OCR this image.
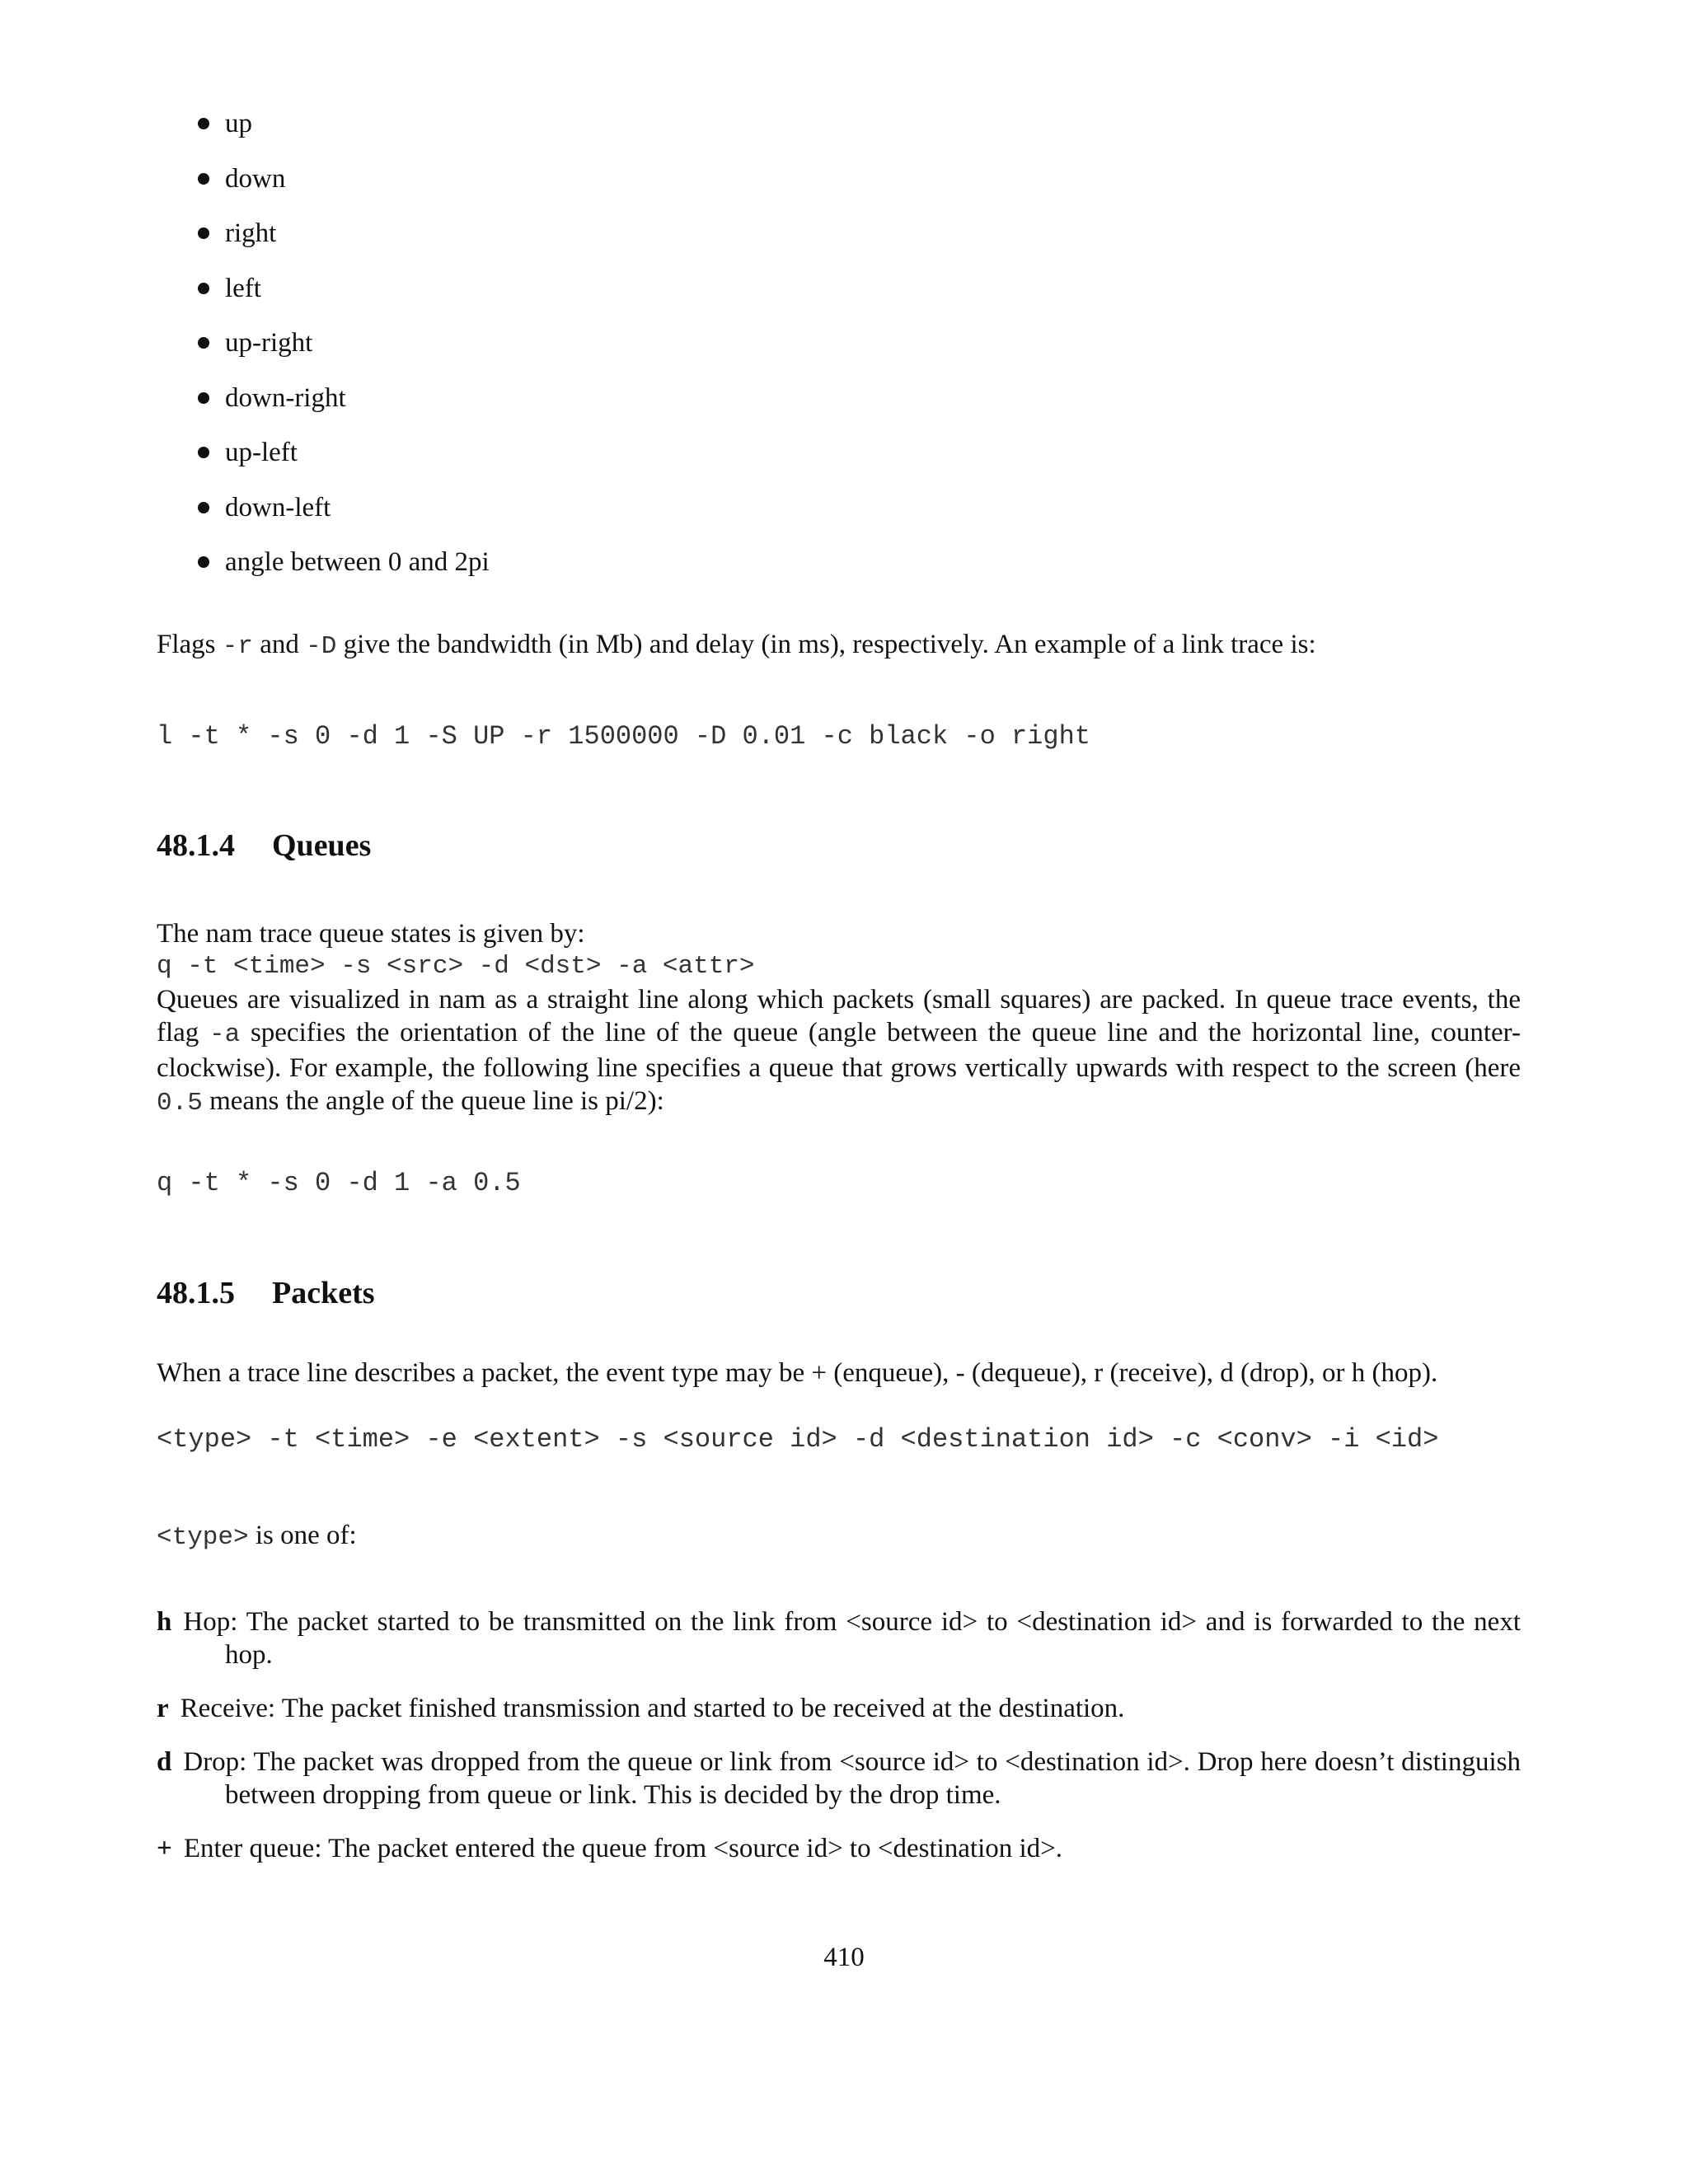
up
down
right
left
up-right
down-right
up-left
down-left
angle between 0 and 2pi
Flags -r and -D give the bandwidth (in Mb) and delay (in ms), respectively. An example of a link trace is:
l -t * -s 0 -d 1 -S UP -r 1500000 -D 0.01 -c black -o right
48.1.4 Queues
The nam trace queue states is given by:
q -t <time> -s <src> -d <dst> -a <attr>
Queues are visualized in nam as a straight line along which packets (small squares) are packed. In queue trace events, the flag -a specifies the orientation of the line of the queue (angle between the queue line and the horizontal line, counter-clockwise). For example, the following line specifies a queue that grows vertically upwards with respect to the screen (here 0.5 means the angle of the queue line is pi/2):
q -t * -s 0 -d 1 -a 0.5
48.1.5 Packets
When a trace line describes a packet, the event type may be + (enqueue), - (dequeue), r (receive), d (drop), or h (hop).
<type> -t <time> -e <extent> -s <source id> -d <destination id> -c <conv> -i <id>
<type> is one of:
h Hop: The packet started to be transmitted on the link from <source id> to <destination id> and is forwarded to the next hop.
r Receive: The packet finished transmission and started to be received at the destination.
d Drop: The packet was dropped from the queue or link from <source id> to <destination id>. Drop here doesn’t distinguish between dropping from queue or link. This is decided by the drop time.
+ Enter queue: The packet entered the queue from <source id> to <destination id>.
410
